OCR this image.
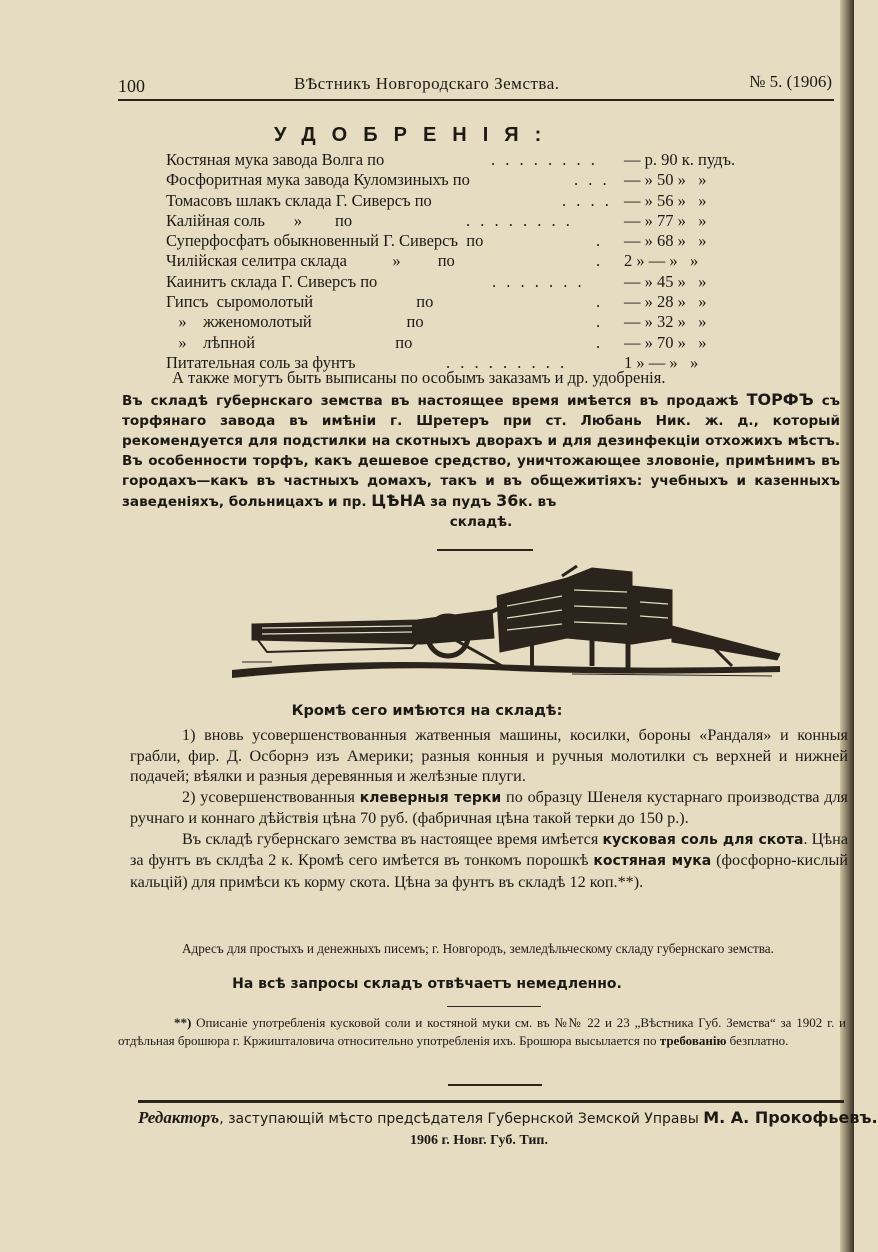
100	ВѢстникъ Новгородскаго Земства.	№ 5. (1906)
УДОБРЕНІЯ:
Костяная мука завода Волга по	. . . . . . . . — р. 90 к. пудъ.
Фосфоритная мука завода Куломзиныхъ по	. . . — » 50 »   »
Томасовъ шлакъ склада Г. Сиверсъ по	. . . . — » 56 »   »
Калійная соль       »        по	. . . . . . . .	— » 77 »   »
Суперфосфатъ обыкновенный Г. Сиверсъ  по	. — » 68 »   »
Чилійская селитра склада           »         по	. 2 » — »   »
Каинитъ склада Г. Сиверсъ по	. . . . . . . — » 45 »   »
Гипсъ  сыромолотый                         по	. — » 28 »   »
»    жженомолотый                       по	. — » 32 »   »
»    лѣпной                                  по	. — » 70 »   »
Питательная соль за фунтъ	. . . . . . . . .	1 » — »   »
А также могутъ быть выписаны по особымъ заказамъ и др. удобренія.

Въ складѣ губернскаго земства въ настоящее время имѣется въ продажѣ ТОРФЪ съ торфянаго завода въ имѣніи г. Шретеръ при ст. Любань Ник. ж. д., который рекомендуется для подстилки на скотныхъ дворахъ и для дезинфекціи отхожихъ мѣстъ. Въ особенности торфъ, какъ дешевое средство, уничтожающее зловоніе, примѣнимъ въ городахъ—какъ въ частныхъ домахъ, такъ и въ общежитіяхъ: учебныхъ и казенныхъ заведеніяхъ, больницахъ и пр. ЦѢНА за пудъ 36к. въ

складѣ.

Кромѣ сего имѣются на складѣ:

1) вновь усовершенствованныя жатвенныя машины, косилки, бороны «Рандаля» и конныя грабли, фир. Д. Осборнэ изъ Америки; разныя конныя и ручныя молотилки съ верхней и нижней подачей; вѣялки и разныя деревянныя и желѣзные плуги.

2) усовершенствованныя клеверныя терки по образцу Шенеля кустарнаго производства для ручнаго и коннаго дѣйствія цѣна 70 руб. (фабричная цѣна такой терки до 150 р.).

Въ складѣ губернскаго земства въ настоящее время имѣется кусковая соль для скота. Цѣна за фунтъ въ склдѣа 2 к. Кромѣ сего имѣется въ тонкомъ порошкѣ костяная мука (фосфорно-кислый кальцій) для примѣси къ корму скота. Цѣна за фунтъ въ складѣ 12 коп.**).

Адресъ для простыхъ и денежныхъ писемъ; г. Новгородъ, земледѣльческому складу губернскаго земства.
На всѣ запросы складъ отвѣчаетъ немедленно.
**) Описаніе употребленія кусковой соли и костяной муки см. въ №№ 22 и 23 „Вѣстника Губ. Земства“ за 1902 г. и отдѣльная брошюра г. Кржишталовича относительно употребленія ихъ. Брошюра высылается по требованію безплатно.
Редакторъ, заступающій мѣсто предсѣдателя Губернской Земской Управы М. А. Прокофьевъ.
1906 г. Новг. Губ. Тип.
